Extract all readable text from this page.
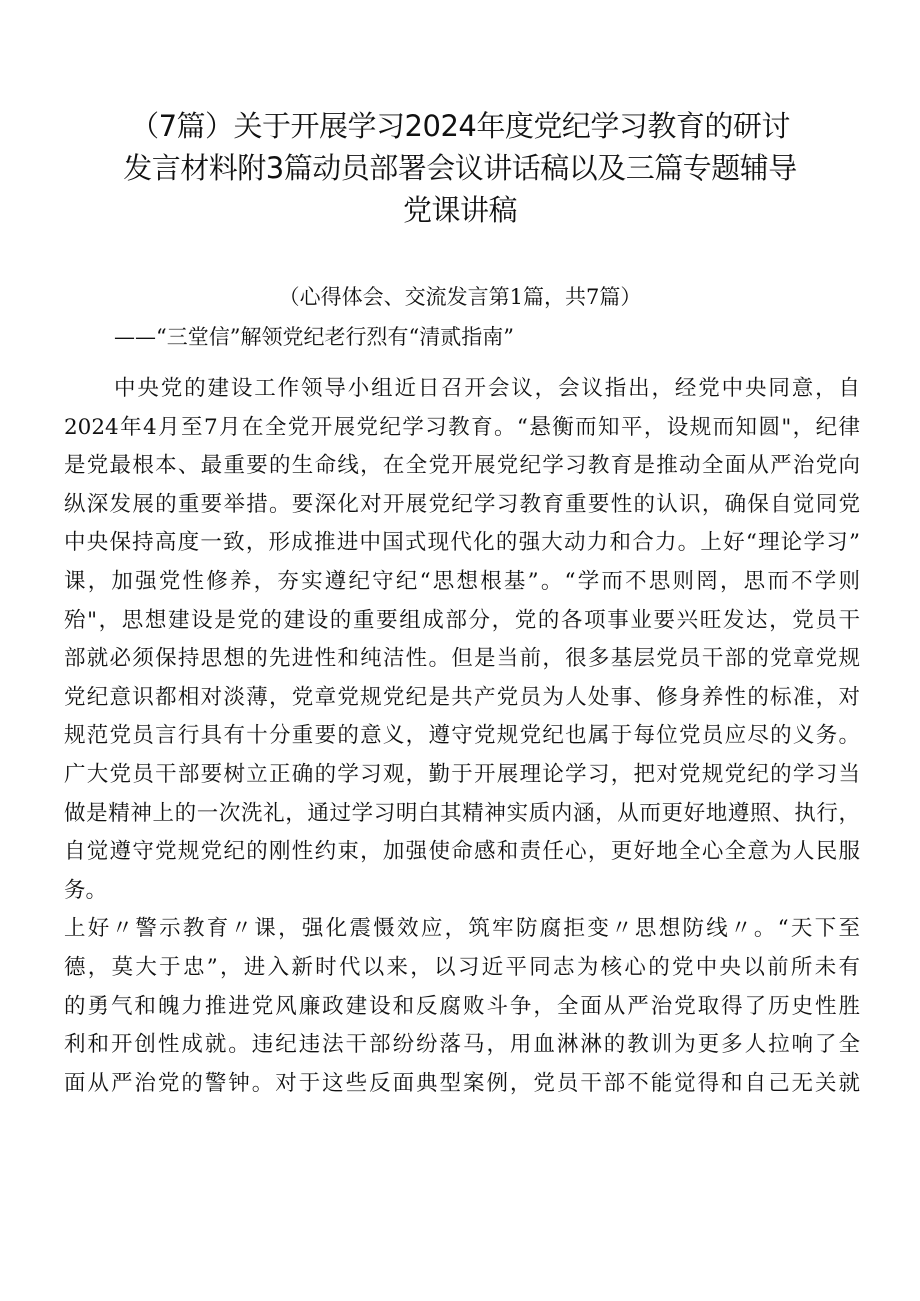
（7篇）关于开展学习2024年度党纪学习教育的研讨
发言材料附3篇动员部署会议讲话稿以及三篇专题辅导
党课讲稿
（心得体会、交流发言第1篇，共7篇）
——“三堂信”解领党纪老行烈有“清贰指南”
中央党的建设工作领导小组近日召开会议，会议指出，经党中央同意，自
2024年4月至7月在全党开展党纪学习教育。“悬衡而知平，设规而知圆"，纪律
是党最根本、最重要的生命线，在全党开展党纪学习教育是推动全面从严治党向
纵深发展的重要举措。要深化对开展党纪学习教育重要性的认识，确保自觉同党
中央保持高度一致，形成推进中国式现代化的强大动力和合力。上好“理论学习”
课，加强党性修养，夯实遵纪守纪“思想根基”。“学而不思则罔，思而不学则
殆"，思想建设是党的建设的重要组成部分，党的各项事业要兴旺发达，党员干
部就必须保持思想的先进性和纯洁性。但是当前，很多基层党员干部的党章党规
党纪意识都相对淡薄，党章党规党纪是共产党员为人处事、修身养性的标准，对
规范党员言行具有十分重要的意义，遵守党规党纪也属于每位党员应尽的义务。
广大党员干部要树立正确的学习观，勤于开展理论学习，把对党规党纪的学习当
做是精神上的一次洗礼，通过学习明白其精神实质内涵，从而更好地遵照、执行，
自觉遵守党规党纪的刚性约束，加强使命感和责任心，更好地全心全意为人民服
务。
上好〃警示教育〃课，强化震慑效应，筑牢防腐拒变〃思想防线〃。“天下至
德，莫大于忠”，进入新时代以来，以习近平同志为核心的党中央以前所未有
的勇气和魄力推进党风廉政建设和反腐败斗争，全面从严治党取得了历史性胜
利和开创性成就。违纪违法干部纷纷落马，用血淋淋的教训为更多人拉响了全
面从严治党的警钟。对于这些反面典型案例，党员干部不能觉得和自己无关就
